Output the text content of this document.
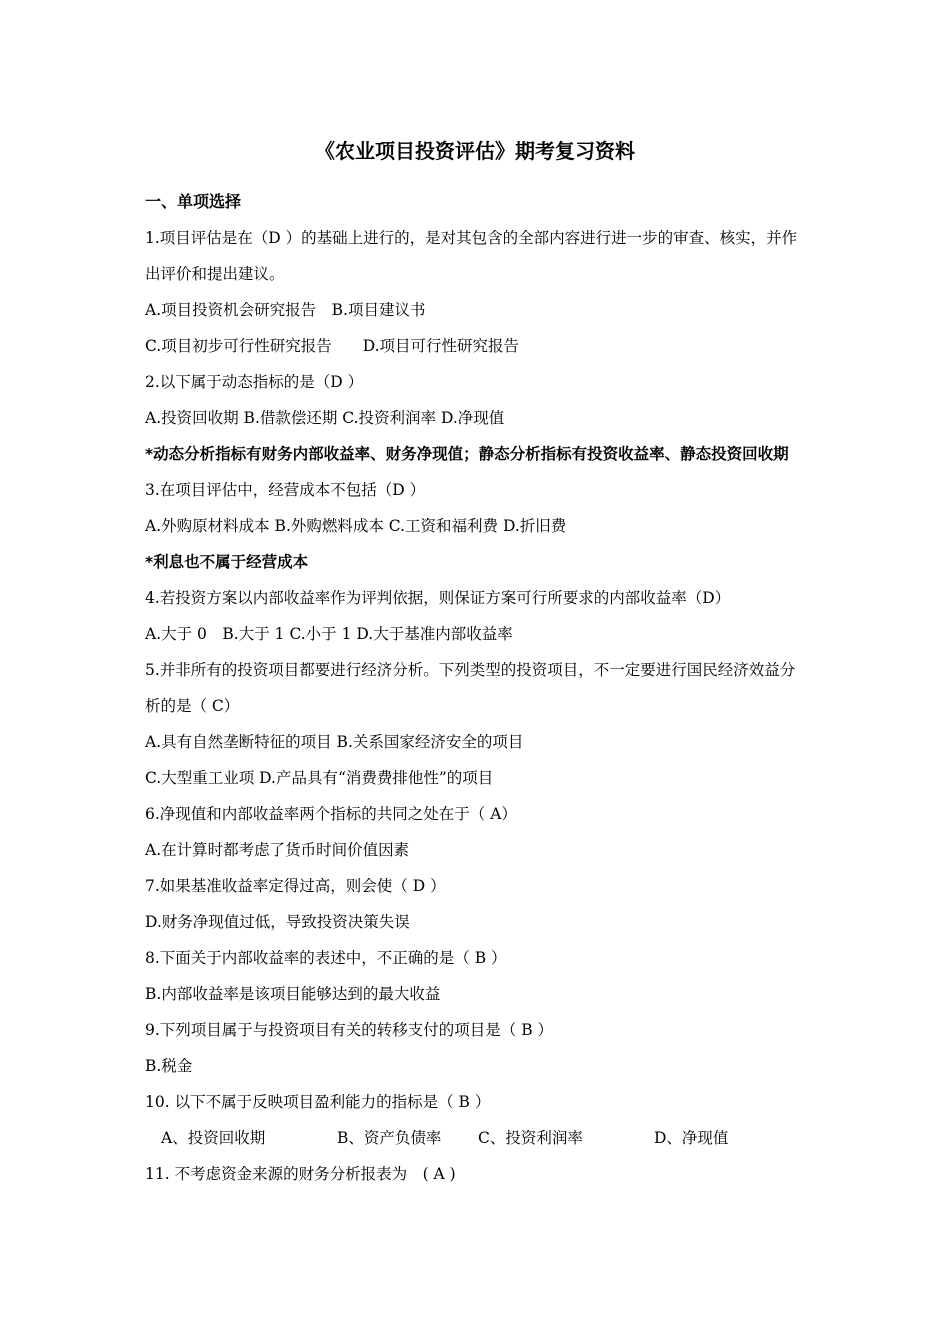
《农业项目投资评估》期考复习资料
一、单项选择
1.项目评估是在（D ）的基础上进行的，是对其包含的全部内容进行进一步的审查、核实，并作出评价和提出建议。
A.项目投资机会研究报告　B.项目建议书
C.项目初步可行性研究报告　　D.项目可行性研究报告
2.以下属于动态指标的是（D ）
A.投资回收期 B.借款偿还期 C.投资利润率 D.净现值
*动态分析指标有财务内部收益率、财务净现值；静态分析指标有投资收益率、静态投资回收期
3.在项目评估中，经营成本不包括（D ）
A.外购原材料成本 B.外购燃料成本 C.工资和福利费 D.折旧费
*利息也不属于经营成本
4.若投资方案以内部收益率作为评判依据，则保证方案可行所要求的内部收益率（D）
A.大于 0　B.大于 1 C.小于 1 D.大于基准内部收益率
5.并非所有的投资项目都要进行经济分析。下列类型的投资项目，不一定要进行国民经济效益分析的是（ C）
A.具有自然垄断特征的项目 B.关系国家经济安全的项目
C.大型重工业项 D.产品具有“消费费排他性”的项目
6.净现值和内部收益率两个指标的共同之处在于（ A）
A.在计算时都考虑了货币时间价值因素
7.如果基准收益率定得过高，则会使（ D ）
D.财务净现值过低，导致投资决策失误
8.下面关于内部收益率的表述中，不正确的是（ B ）
B.内部收益率是该项目能够达到的最大收益
9.下列项目属于与投资项目有关的转移支付的项目是（ B ）
B.税金
10. 以下不属于反映项目盈利能力的指标是（ B ）
A、投资回收期	B、资产负债率	C、投资利润率	D、净现值
11. 不考虑资金来源的财务分析报表为　( A )
